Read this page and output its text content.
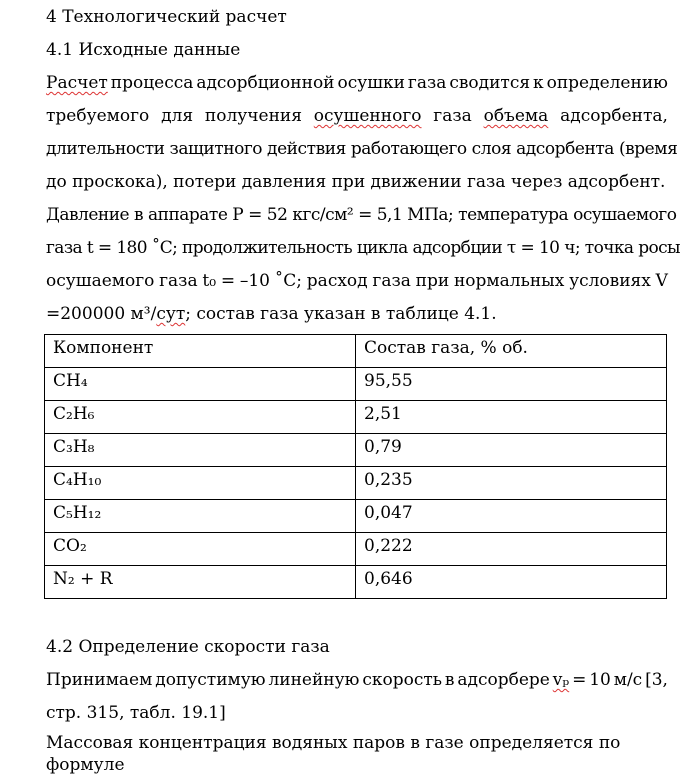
4 Технологический расчет
4.1 Исходные данные
Расчет процесса адсорбционной осушки газа сводится к определению
требуемого для получения осушенного газа объема адсорбента,
длительности защитного действия работающего слоя адсорбента (время
до проскока), потери давления при движении газа через адсорбент.
Давление в аппарате P = 52 кгс/см² = 5,1 МПа; температура осушаемого
газа t = 180 ˚C; продолжительность цикла адсорбции τ = 10 ч; точка росы
осушаемого газа t₀ = –10 ˚C; расход газа при нормальных условиях V
=200000 м³/сут; состав газа указан в таблице 4.1.
Компонент	Состав газа, % об.
CH₄	95,55
C₂H₆	2,51
C₃H₈	0,79
C₄H₁₀	0,235
C₅H₁₂	0,047
CO₂	0,222
N₂ + R	0,646
4.2 Определение скорости газа
Принимаем допустимую линейную скорость в адсорбере vₚ = 10 м/с [3,
стр. 315, табл. 19.1]
Массовая концентрация водяных паров в газе определяется по формуле
